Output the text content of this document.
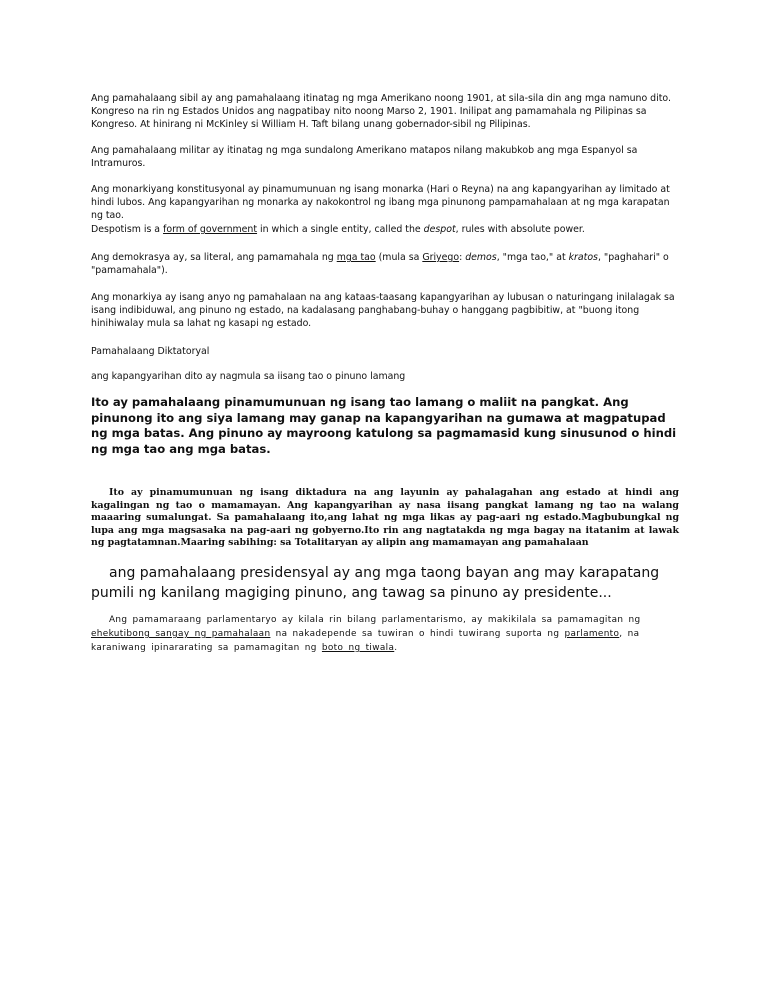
Ang pamahalaang sibil ay ang pamahalaang itinatag ng mga Amerikano noong 1901, at sila-sila din ang mga namuno dito. Kongreso na rin ng Estados Unidos ang nagpatibay nito noong Marso 2, 1901. Inilipat ang pamamahala ng Pilipinas sa Kongreso. At hinirang ni McKinley si William H. Taft bilang unang gobernador-sibil ng Pilipinas.

Ang pamahalaang militar ay itinatag ng mga sundalong Amerikano matapos nilang makubkob ang mga Espanyol sa Intramuros.

Ang monarkiyang konstitusyonal ay pinamumunuan ng isang monarka (Hari o Reyna) na ang kapangyarihan ay limitado at hindi lubos. Ang kapangyarihan ng monarka ay nakokontrol ng ibang mga pinunong pampamahalaan at ng mga karapatan ng tao.

Despotism is a form of government in which a single entity, called the despot, rules with absolute power.

Ang demokrasya ay, sa literal, ang pamamahala ng mga tao (mula sa Griyego: demos, "mga tao," at kratos, "paghahari" o "pamamahala").

Ang monarkiya ay isang anyo ng pamahalaan na ang kataas-taasang kapangyarihan ay lubusan o naturingang inilalagak sa isang indibiduwal, ang pinuno ng estado, na kadalasang panghabang-buhay o hanggang pagbibitiw, at "buong itong hinihiwalay mula sa lahat ng kasapi ng estado.

Pamahalaang Diktatoryal

ang kapangyarihan dito ay nagmula sa iisang tao o pinuno lamang

Ito ay pamahalaang pinamumunuan ng isang tao lamang o maliit na pangkat. Ang pinunong ito ang siya lamang may ganap na kapangyarihan na gumawa at magpatupad ng mga batas. Ang pinuno ay mayroong katulong sa pagmamasid kung sinusunod o hindi ng mga tao ang mga batas.

Ito ay pinamumunuan ng isang diktadura na ang layunin ay pahalagahan ang estado at hindi ang kagalingan ng tao o mamamayan. Ang kapangyarihan ay nasa iisang pangkat lamang ng tao na walang maaaring sumalungat. Sa pamahalaang ito,ang lahat ng mga likas ay pag-aari ng estado.Magbubungkal ng lupa ang mga magsasaka na pag-aari ng gobyerno.Ito rin ang nagtatakda ng mga bagay na itatanim at lawak ng pagtatamnan.Maaring sabihing: sa Totalitaryan ay alipin ang mamamayan ang pamahalaan

ang pamahalaang presidensyal ay ang mga taong bayan ang may karapatang pumili ng kanilang magiging pinuno, ang tawag sa pinuno ay presidente...

Ang pamamaraang parlamentaryo ay kilala rin bilang parlamentarismo, ay makikilala sa pamamagitan ng ehekutibong sangay ng pamahalaan na nakadepende sa tuwiran o hindi tuwirang suporta ng parlamento, na karaniwang ipinararating sa pamamagitan ng boto ng tiwala.
